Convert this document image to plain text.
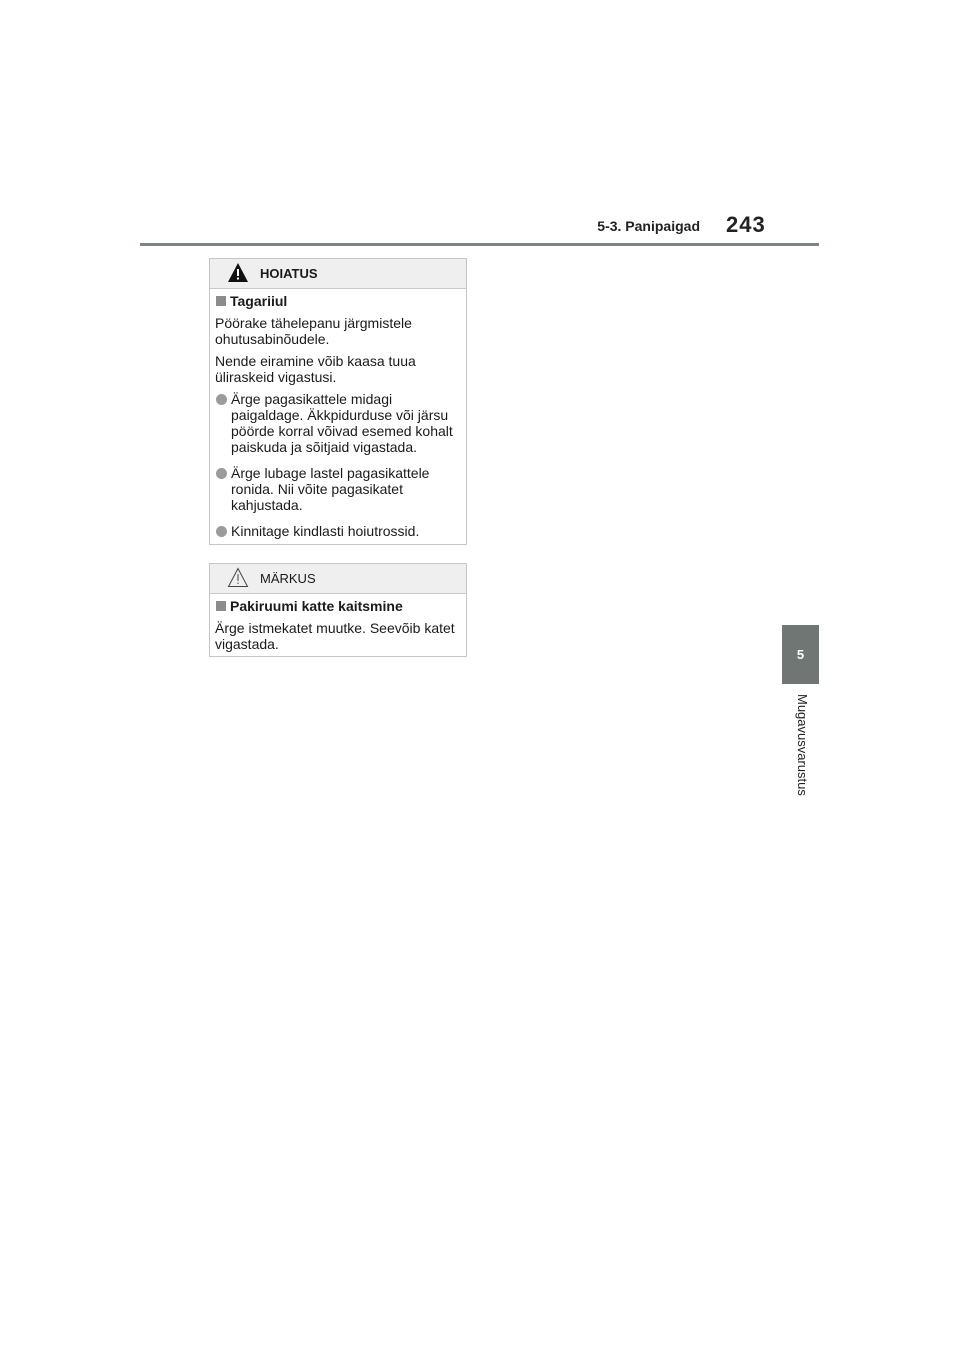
5-3. Panipaigad 243
5
Mugavusvarustus
HOIATUS
Tagariiul
Pöörake tähelepanu järgmistele ohutusabinõudele.
Nende eiramine võib kaasa tuua üliraskeid vigastusi.
Ärge pagasikattele midagi paigaldage. Äkkpidurduse või järsu pöörde korral võivad esemed kohalt paiskuda ja sõitjaid vigastada.
Ärge lubage lastel pagasikattele ronida. Nii võite pagasikatet kahjustada.
Kinnitage kindlasti hoiutrossid.
MÄRKUS
Pakiruumi katte kaitsmine
Ärge istmekatet muutke. Seevõib katet vigastada.
